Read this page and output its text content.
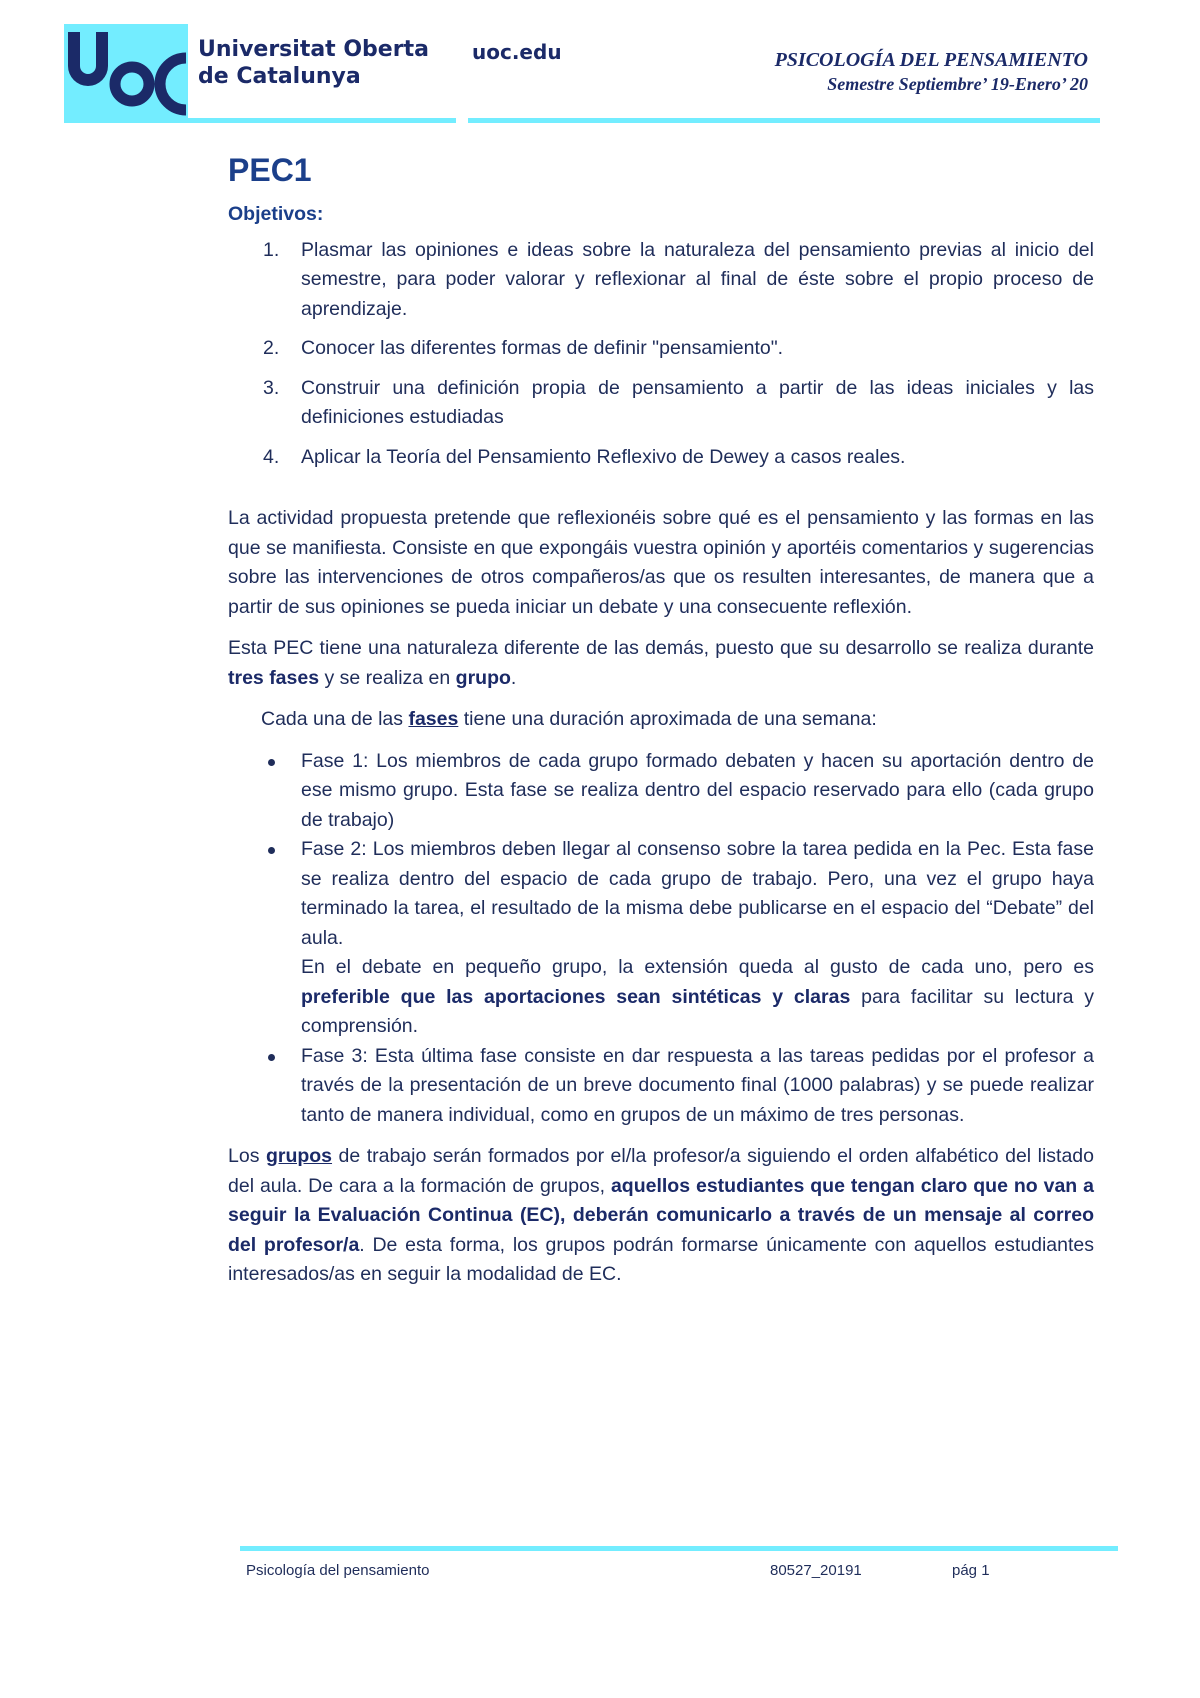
Universitat Oberta
de Catalunya
uoc.edu	PSICOLOGÍA DEL PENSAMIENTO
Semestre Septiembre’ 19-Enero’ 20
PEC1
Objetivos:
1. Plasmar las opiniones e ideas sobre la naturaleza del pensamiento previas al inicio del semestre, para poder valorar y reflexionar al final de éste sobre el propio proceso de aprendizaje.
2. Conocer las diferentes formas de definir "pensamiento".
3. Construir una definición propia de pensamiento a partir de las ideas iniciales y las definiciones estudiadas
4. Aplicar la Teoría del Pensamiento Reflexivo de Dewey a casos reales.

La actividad propuesta pretende que reflexionéis sobre qué es el pensamiento y las formas en las que se manifiesta. Consiste en que expongáis vuestra opinión y aportéis comentarios y sugerencias sobre las intervenciones de otros compañeros/as que os resulten interesantes, de manera que a partir de sus opiniones se pueda iniciar un debate y una consecuente reflexión.

Esta PEC tiene una naturaleza diferente de las demás, puesto que su desarrollo se realiza durante tres fases y se realiza en grupo.

Cada una de las fases tiene una duración aproximada de una semana:

Fase 1: Los miembros de cada grupo formado debaten y hacen su aportación dentro de ese mismo grupo. Esta fase se realiza dentro del espacio reservado para ello (cada grupo de trabajo)
Fase 2: Los miembros deben llegar al consenso sobre la tarea pedida en la Pec. Esta fase se realiza dentro del espacio de cada grupo de trabajo. Pero, una vez el grupo haya terminado la tarea, el resultado de la misma debe publicarse en el espacio del “Debate” del aula.
En el debate en pequeño grupo, la extensión queda al gusto de cada uno, pero es preferible que las aportaciones sean sintéticas y claras para facilitar su lectura y comprensión.
Fase 3: Esta última fase consiste en dar respuesta a las tareas pedidas por el profesor a través de la presentación de un breve documento final (1000 palabras) y se puede realizar tanto de manera individual, como en grupos de un máximo de tres personas.

Los grupos de trabajo serán formados por el/la profesor/a siguiendo el orden alfabético del listado del aula. De cara a la formación de grupos, aquellos estudiantes que tengan claro que no van a seguir la Evaluación Continua (EC), deberán comunicarlo a través de un mensaje al correo del profesor/a. De esta forma, los grupos podrán formarse únicamente con aquellos estudiantes interesados/as en seguir la modalidad de EC.

Psicología del pensamiento	80527_20191	pág 1
